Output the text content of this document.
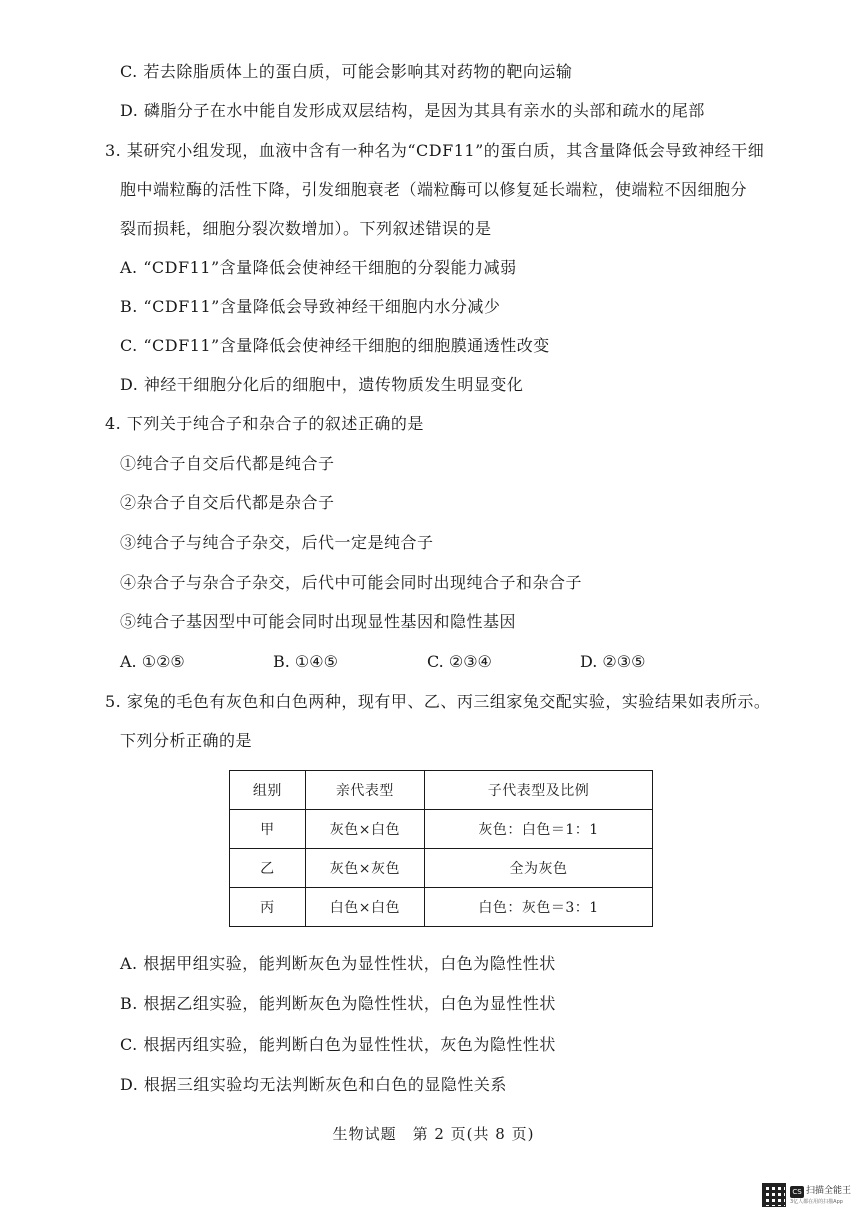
C. 若去除脂质体上的蛋白质，可能会影响其对药物的靶向运输
D. 磷脂分子在水中能自发形成双层结构，是因为其具有亲水的头部和疏水的尾部
3. 某研究小组发现，血液中含有一种名为“CDF11”的蛋白质，其含量降低会导致神经干细
胞中端粒酶的活性下降，引发细胞衰老（端粒酶可以修复延长端粒，使端粒不因细胞分
裂而损耗，细胞分裂次数增加）。下列叙述错误的是
A. “CDF11”含量降低会使神经干细胞的分裂能力减弱
B. “CDF11”含量降低会导致神经干细胞内水分减少
C. “CDF11”含量降低会使神经干细胞的细胞膜通透性改变
D. 神经干细胞分化后的细胞中，遗传物质发生明显变化
4. 下列关于纯合子和杂合子的叙述正确的是
①纯合子自交后代都是纯合子
②杂合子自交后代都是杂合子
③纯合子与纯合子杂交，后代一定是纯合子
④杂合子与杂合子杂交，后代中可能会同时出现纯合子和杂合子
⑤纯合子基因型中可能会同时出现显性基因和隐性基因
A. ①②⑤	B. ①④⑤	C. ②③④	D. ②③⑤
5. 家兔的毛色有灰色和白色两种，现有甲、乙、丙三组家兔交配实验，实验结果如表所示。
下列分析正确的是
组别	亲代表型	子代表型及比例
甲	灰色×白色	灰色：白色＝1：1
乙	灰色×灰色	全为灰色
丙	白色×白色	白色：灰色＝3：1
A. 根据甲组实验，能判断灰色为显性性状，白色为隐性性状
B. 根据乙组实验，能判断灰色为隐性性状，白色为显性性状
C. 根据丙组实验，能判断白色为显性性状，灰色为隐性性状
D. 根据三组实验均无法判断灰色和白色的显隐性关系
生物试题　第 2 页(共 8 页)
CS 扫描全能王
3亿人都在用的扫描App
